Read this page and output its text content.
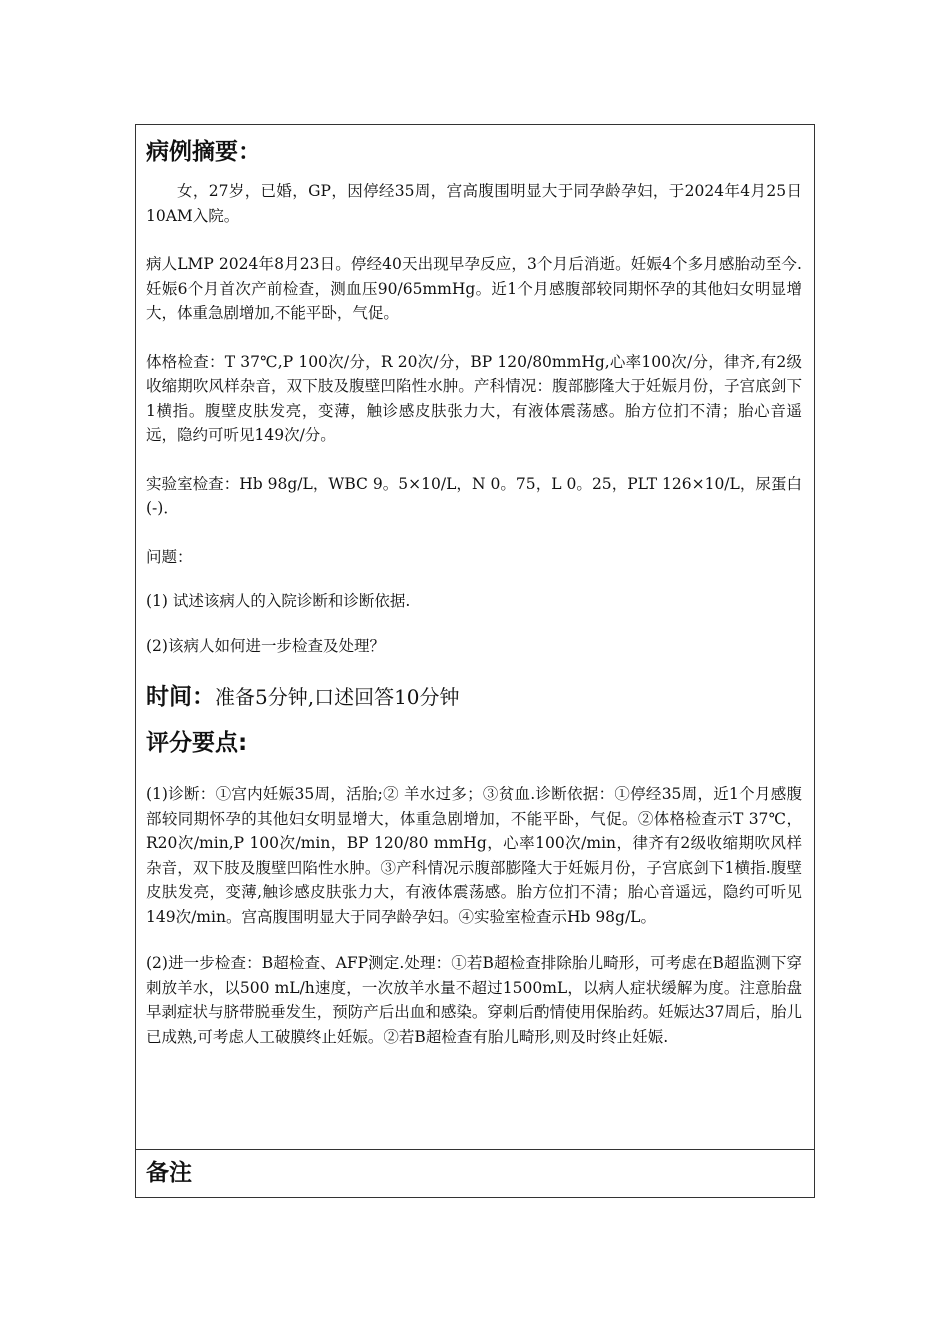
病例摘要：

女，27岁，已婚，GP，因停经35周，宫高腹围明显大于同孕龄孕妇，于2024年4月25日10AM入院。

病人LMP 2024年8月23日。停经40天出现早孕反应，3个月后消逝。妊娠4个多月感胎动至今.妊娠6个月首次产前检查，测血压90/65mmHg。近1个月感腹部较同期怀孕的其他妇女明显增大，体重急剧增加,不能平卧，气促。

体格检查：T 37℃,P 100次/分，R 20次/分，BP 120/80mmHg,心率100次/分，律齐,有2级收缩期吹风样杂音，双下肢及腹壁凹陷性水肿。产科情况：腹部膨隆大于妊娠月份，子宫底剑下1横指。腹壁皮肤发亮，变薄，触诊感皮肤张力大，有液体震荡感。胎方位扪不清；胎心音遥远，隐约可听见149次/分。

实验室检查：Hb 98g/L，WBC 9。5×10/L，N 0。75，L 0。25，PLT 126×10/L，尿蛋白(-)．

问题：

(1) 试述该病人的入院诊断和诊断依据.

(2)该病人如何进一步检查及处理？

时间：准备5分钟,口述回答10分钟

评分要点:

(1)诊断：①宫内妊娠35周，活胎;② 羊水过多；③贫血.诊断依据：①停经35周，近1个月感腹部较同期怀孕的其他妇女明显增大，体重急剧增加，不能平卧，气促。②体格检查示T 37℃，R20次/min,P 100次/min，BP 120/80 mmHg，心率100次/min，律齐有2级收缩期吹风样杂音，双下肢及腹壁凹陷性水肿。③产科情况示腹部膨隆大于妊娠月份，子宫底剑下1横指.腹壁皮肤发亮，变薄,触诊感皮肤张力大，有液体震荡感。胎方位扪不清；胎心音遥远，隐约可听见149次/min。宫高腹围明显大于同孕龄孕妇。④实验室检查示Hb 98g/L。

(2)进一步检查：B超检查、AFP测定.处理：①若B超检查排除胎儿畸形，可考虑在B超监测下穿刺放羊水，以500 mL/h速度，一次放羊水量不超过1500mL，以病人症状缓解为度。注意胎盘早剥症状与脐带脱垂发生，预防产后出血和感染。穿刺后酌情使用保胎药。妊娠达37周后，胎儿已成熟,可考虑人工破膜终止妊娠。②若B超检查有胎儿畸形,则及时终止妊娠.

备注
